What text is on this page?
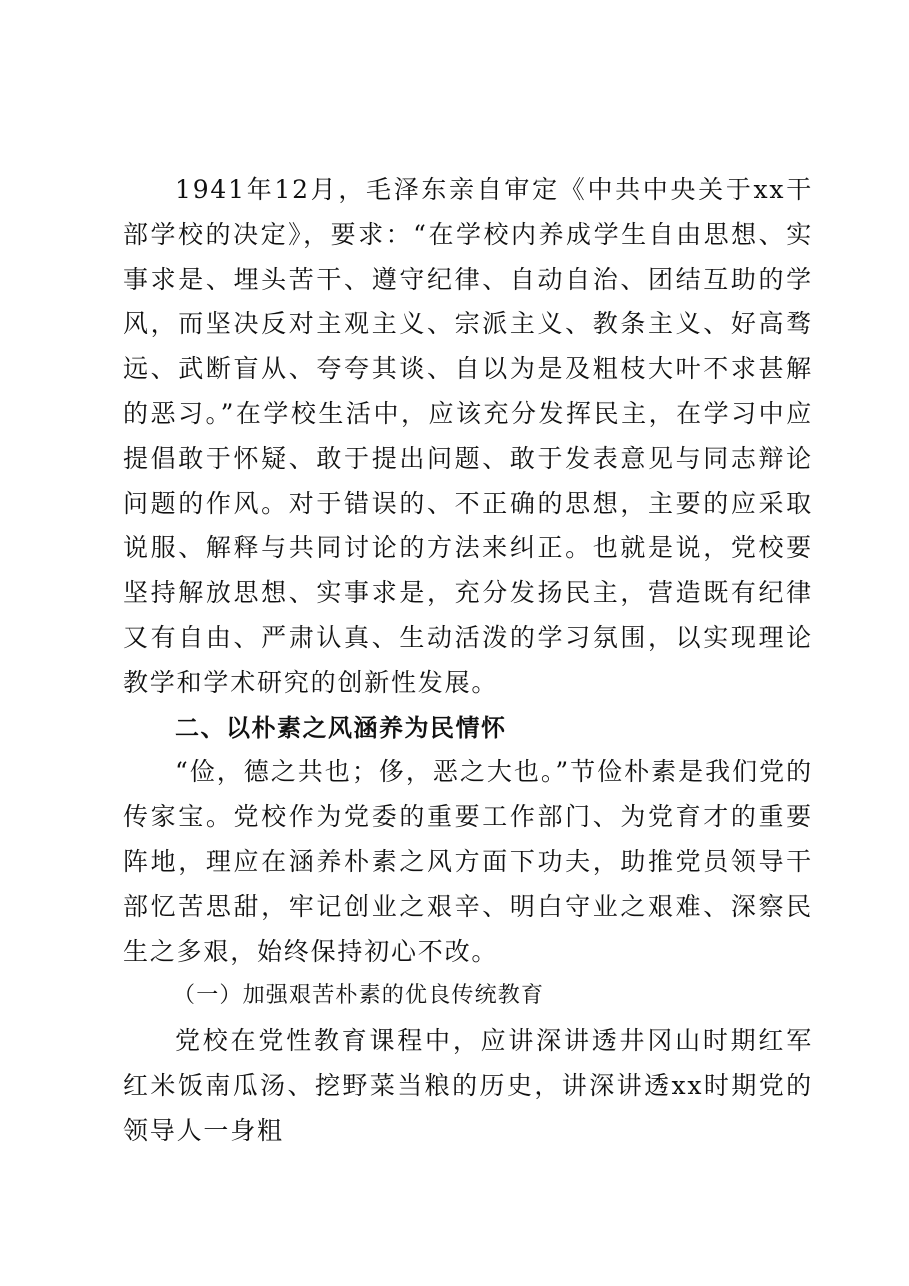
1941年12月，毛泽东亲自审定《中共中央关于xx干部学校的决定》，要求：“在学校内养成学生自由思想、实事求是、埋头苦干、遵守纪律、自动自治、团结互助的学风，而坚决反对主观主义、宗派主义、教条主义、好高骛远、武断盲从、夸夸其谈、自以为是及粗枝大叶不求甚解的恶习。”在学校生活中，应该充分发挥民主，在学习中应提倡敢于怀疑、敢于提出问题、敢于发表意见与同志辩论问题的作风。对于错误的、不正确的思想，主要的应采取说服、解释与共同讨论的方法来纠正。也就是说，党校要坚持解放思想、实事求是，充分发扬民主，营造既有纪律又有自由、严肃认真、生动活泼的学习氛围，以实现理论教学和学术研究的创新性发展。

二、以朴素之风涵养为民情怀

“俭，德之共也；侈，恶之大也。”节俭朴素是我们党的传家宝。党校作为党委的重要工作部门、为党育才的重要阵地，理应在涵养朴素之风方面下功夫，助推党员领导干部忆苦思甜，牢记创业之艰辛、明白守业之艰难、深察民生之多艰，始终保持初心不改。

（一）加强艰苦朴素的优良传统教育

党校在党性教育课程中，应讲深讲透井冈山时期红军红米饭南瓜汤、挖野菜当粮的历史，讲深讲透xx时期党的领导人一身粗
